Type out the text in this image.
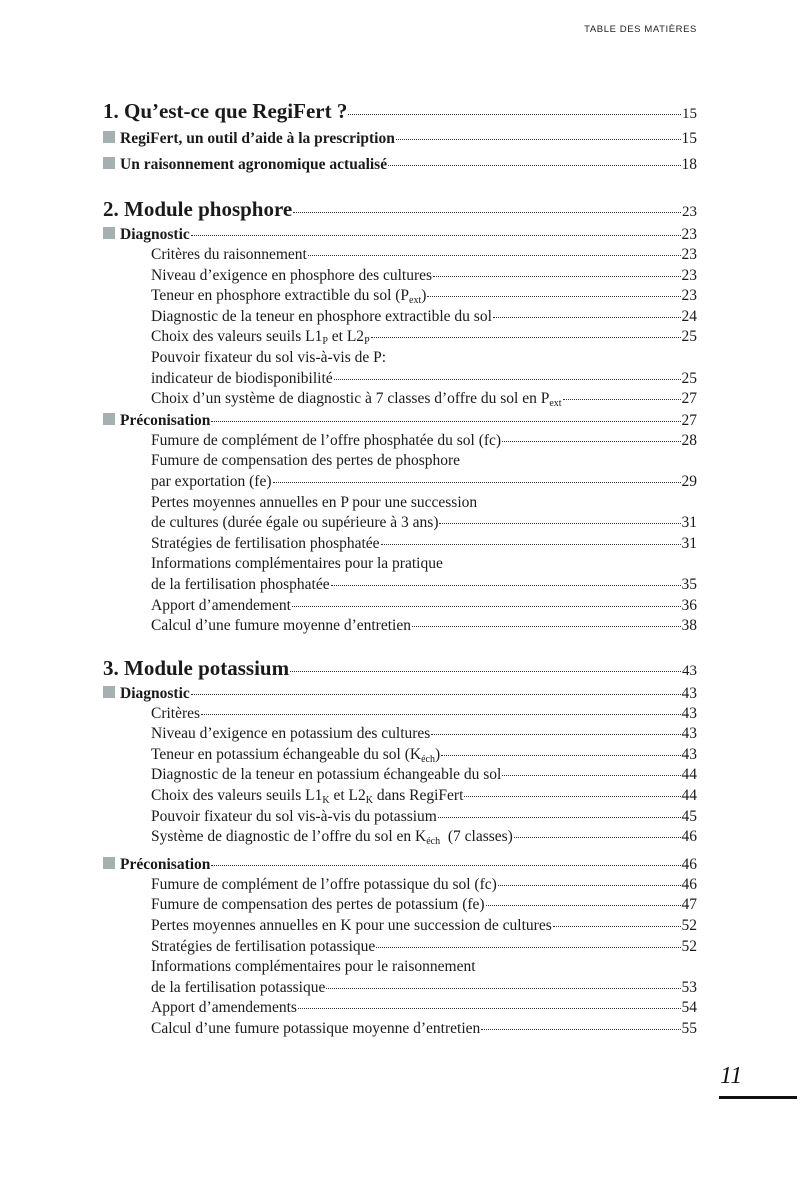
TABLE DES MATIÈRES
1. Qu’est-ce que RegiFert ?	15
RegiFert, un outil d’aide à la prescription	15
Un raisonnement agronomique actualisé	18
2. Module phosphore	23
Diagnostic	23
Critères du raisonnement	23
Niveau d’exigence en phosphore des cultures	23
Teneur en phosphore extractible du sol $(P_{ext})$	23
Diagnostic de la teneur en phosphore extractible du sol	24
Choix des valeurs seuils $L1_P$ et $L2_P$	25
Pouvoir fixateur du sol vis-à-vis de P:
indicateur de biodisponibilité	25
Choix d’un système de diagnostic à 7 classes d’offre du sol en $P_{ext}$	27
Préconisation	27
Fumure de complément de l’offre phosphatée du sol (fc)	28
Fumure de compensation des pertes de phosphore
par exportation (fe)	29
Pertes moyennes annuelles en P pour une succession
de cultures (durée égale ou supérieure à 3 ans)	31
Stratégies de fertilisation phosphatée	31
Informations complémentaires pour la pratique
de la fertilisation phosphatée	35
Apport d’amendement	36
Calcul d’une fumure moyenne d’entretien	38
3. Module potassium	43
Diagnostic	43
Critères	43
Niveau d’exigence en potassium des cultures	43
Teneur en potassium échangeable du sol $(K_{éch})$	43
Diagnostic de la teneur en potassium échangeable du sol	44
Choix des valeurs seuils $L1_K$ et $L2_K$ dans RegiFert	44
Pouvoir fixateur du sol vis-à-vis du potassium	45
Système de diagnostic de l’offre du sol en $K_{éch}$  (7 classes)	46
Préconisation	46
Fumure de complément de l’offre potassique du sol (fc)	46
Fumure de compensation des pertes de potassium (fe)	47
Pertes moyennes annuelles en K pour une succession de cultures	52
Stratégies de fertilisation potassique	52
Informations complémentaires pour le raisonnement
de la fertilisation potassique	53
Apport d’amendements	54
Calcul d’une fumure potassique moyenne d’entretien	55
11
